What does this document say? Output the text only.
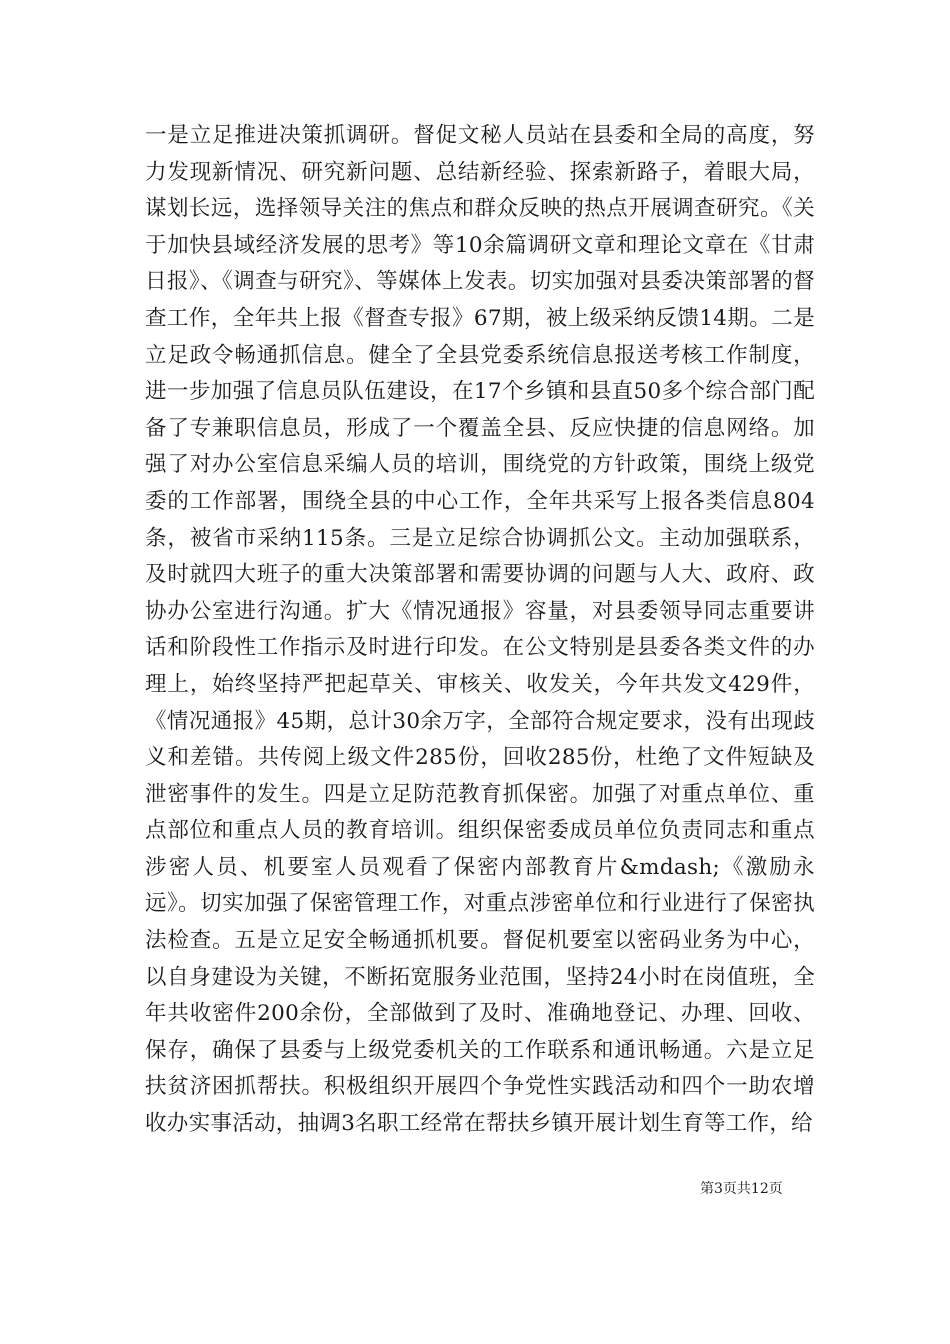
一是立足推进决策抓调研。督促文秘人员站在县委和全局的高度，努力发现新情况、研究新问题、总结新经验、探索新路子，着眼大局，谋划长远，选择领导关注的焦点和群众反映的热点开展调查研究。《关于加快县域经济发展的思考》等10余篇调研文章和理论文章在《甘肃日报》、《调查与研究》、等媒体上发表。切实加强对县委决策部署的督查工作，全年共上报《督查专报》67期，被上级采纳反馈14期。二是立足政令畅通抓信息。健全了全县党委系统信息报送考核工作制度，进一步加强了信息员队伍建设，在17个乡镇和县直50多个综合部门配备了专兼职信息员，形成了一个覆盖全县、反应快捷的信息网络。加强了对办公室信息采编人员的培训，围绕党的方针政策，围绕上级党委的工作部署，围绕全县的中心工作，全年共采写上报各类信息804条，被省市采纳115条。三是立足综合协调抓公文。主动加强联系，及时就四大班子的重大决策部署和需要协调的问题与人大、政府、政协办公室进行沟通。扩大《情况通报》容量，对县委领导同志重要讲话和阶段性工作指示及时进行印发。在公文特别是县委各类文件的办理上，始终坚持严把起草关、审核关、收发关，今年共发文429件，《情况通报》45期，总计30余万字，全部符合规定要求，没有出现歧义和差错。共传阅上级文件285份，回收285份，杜绝了文件短缺及泄密事件的发生。四是立足防范教育抓保密。加强了对重点单位、重点部位和重点人员的教育培训。组织保密委成员单位负责同志和重点涉密人员、机要室人员观看了保密内部教育片&mdash;《激励永远》。切实加强了保密管理工作，对重点涉密单位和行业进行了保密执法检查。五是立足安全畅通抓机要。督促机要室以密码业务为中心，以自身建设为关键，不断拓宽服务业范围，坚持24小时在岗值班，全年共收密件200余份，全部做到了及时、准确地登记、办理、回收、保存，确保了县委与上级党委机关的工作联系和通讯畅通。六是立足扶贫济困抓帮扶。积极组织开展四个争党性实践活动和四个一助农增收办实事活动，抽调3名职工经常在帮扶乡镇开展计划生育等工作，给

第3页共12页
